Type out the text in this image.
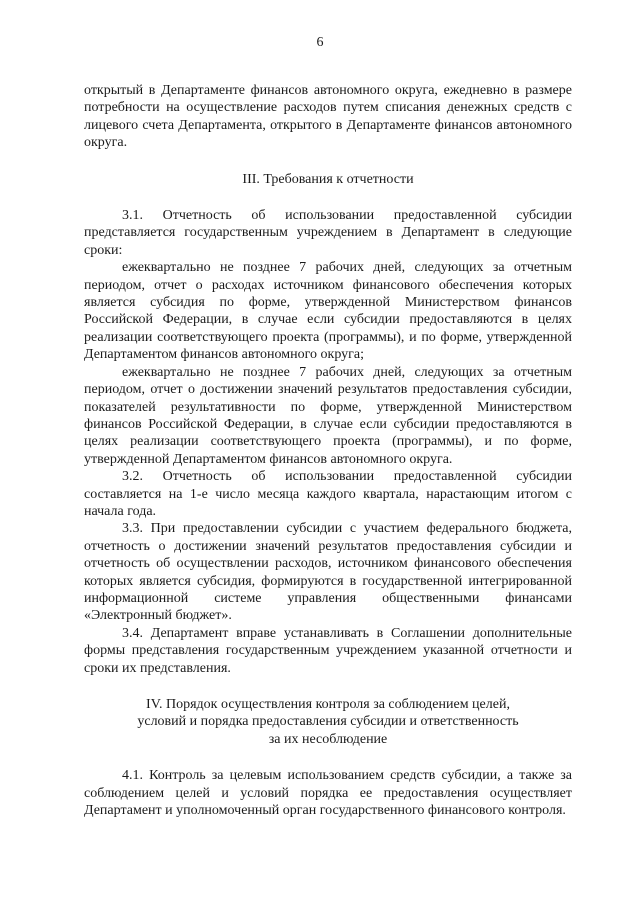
6

открытый в Департаменте финансов автономного округа, ежедневно в размере потребности на осуществление расходов путем списания денежных средств с лицевого счета Департамента, открытого в Департаменте финансов автономного округа.

III. Требования к отчетности

3.1. Отчетность об использовании предоставленной субсидии представляется государственным учреждением в Департамент в следующие сроки:

ежеквартально не позднее 7 рабочих дней, следующих за отчетным периодом, отчет о расходах источником финансового обеспечения которых является субсидия по форме, утвержденной Министерством финансов Российской Федерации, в случае если субсидии предоставляются в целях реализации соответствующего проекта (программы), и по форме, утвержденной Департаментом финансов автономного округа;

ежеквартально не позднее 7 рабочих дней, следующих за отчетным периодом, отчет о достижении значений результатов предоставления субсидии, показателей результативности по форме, утвержденной Министерством финансов Российской Федерации, в случае если субсидии предоставляются в целях реализации соответствующего проекта (программы), и по форме, утвержденной Департаментом финансов автономного округа.

3.2. Отчетность об использовании предоставленной субсидии составляется на 1-е число месяца каждого квартала, нарастающим итогом с начала года.

3.3. При предоставлении субсидии с участием федерального бюджета, отчетность о достижении значений результатов предоставления субсидии и отчетность об осуществлении расходов, источником финансового обеспечения которых является субсидия, формируются в государственной интегрированной информационной системе управления общественными финансами «Электронный бюджет».

3.4. Департамент вправе устанавливать в Соглашении дополнительные формы представления государственным учреждением указанной отчетности и сроки их представления.

IV. Порядок осуществления контроля за соблюдением целей,

условий и порядка предоставления субсидии и ответственность

за их несоблюдение

4.1. Контроль за целевым использованием средств субсидии, а также за соблюдением целей и условий порядка ее предоставления осуществляет Департамент и уполномоченный орган государственного финансового контроля.
